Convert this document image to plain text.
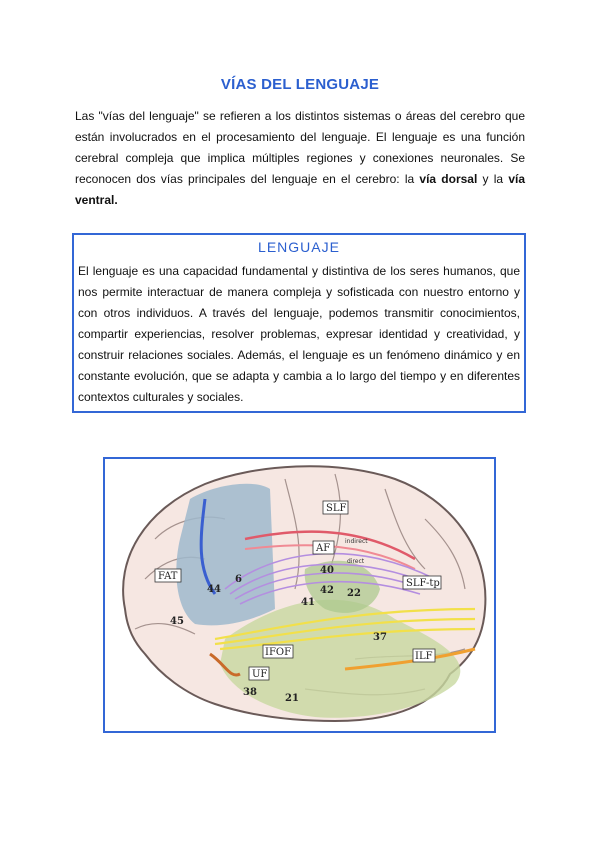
VÍAS DEL LENGUAJE
Las "vías del lenguaje" se refieren a los distintos sistemas o áreas del cerebro que están involucrados en el procesamiento del lenguaje. El lenguaje es una función cerebral compleja que implica múltiples regiones y conexiones neuronales. Se reconocen dos vías principales del lenguaje en el cerebro: la vía dorsal y la vía ventral.
LENGUAJE
El lenguaje es una capacidad fundamental y distintiva de los seres humanos, que nos permite interactuar de manera compleja y sofisticada con nuestro entorno y con otros individuos. A través del lenguaje, podemos transmitir conocimientos, compartir experiencias, resolver problemas, expresar identidad y creatividad, y construir relaciones sociales. Además, el lenguaje es un fenómeno dinámico y en constante evolución, que se adapta y cambia a lo largo del tiempo y en diferentes contextos culturales y sociales.
FAT
SLF
AF
SLF-tp
IFOF
UF
ILF
indirect
direct
44
45
6
40
42 22
41
37
38
21
